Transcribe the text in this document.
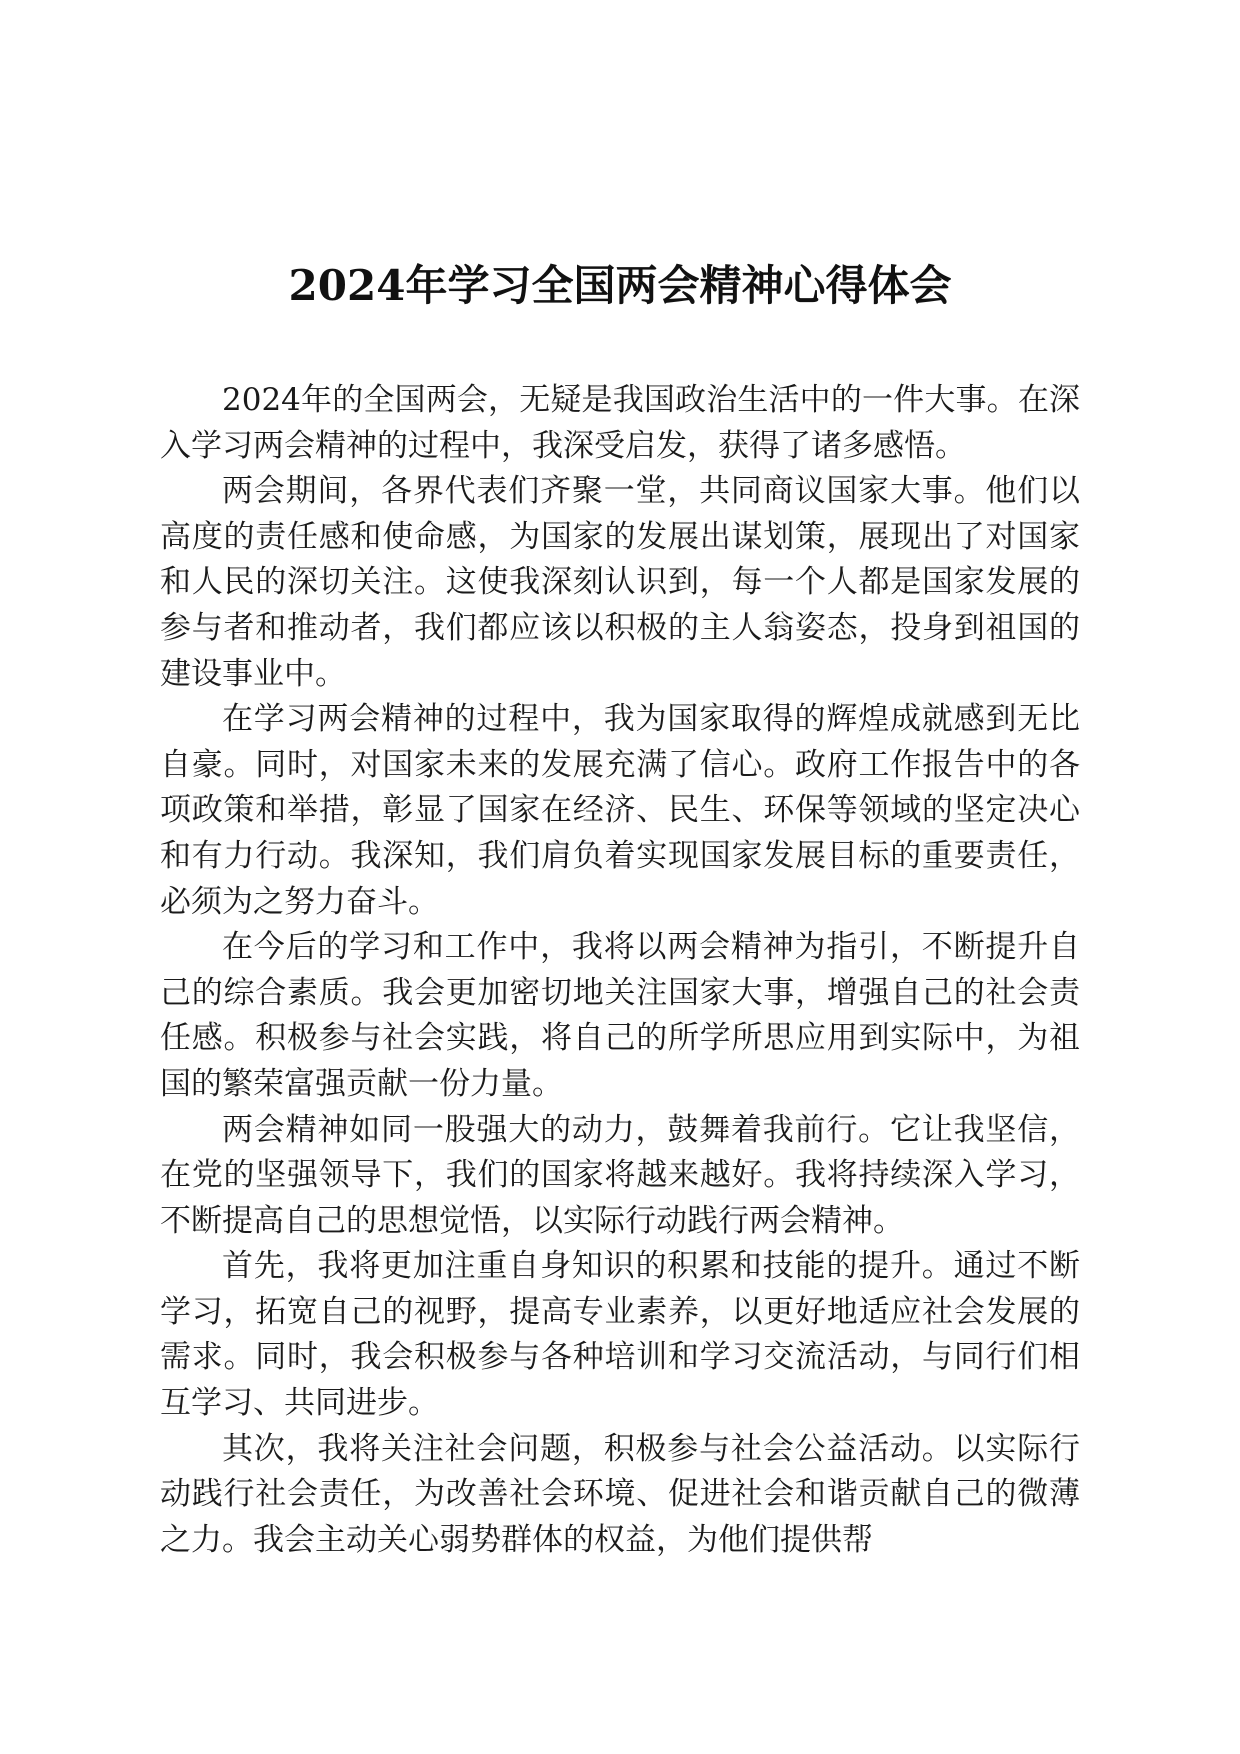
2024年学习全国两会精神心得体会

2024年的全国两会，无疑是我国政治生活中的一件大事。在深入学习两会精神的过程中，我深受启发，获得了诸多感悟。

两会期间，各界代表们齐聚一堂，共同商议国家大事。他们以高度的责任感和使命感，为国家的发展出谋划策，展现出了对国家和人民的深切关注。这使我深刻认识到，每一个人都是国家发展的参与者和推动者，我们都应该以积极的主人翁姿态，投身到祖国的建设事业中。

在学习两会精神的过程中，我为国家取得的辉煌成就感到无比自豪。同时，对国家未来的发展充满了信心。政府工作报告中的各项政策和举措，彰显了国家在经济、民生、环保等领域的坚定决心和有力行动。我深知，我们肩负着实现国家发展目标的重要责任，必须为之努力奋斗。

在今后的学习和工作中，我将以两会精神为指引，不断提升自己的综合素质。我会更加密切地关注国家大事，增强自己的社会责任感。积极参与社会实践，将自己的所学所思应用到实际中，为祖国的繁荣富强贡献一份力量。

两会精神如同一股强大的动力，鼓舞着我前行。它让我坚信，在党的坚强领导下，我们的国家将越来越好。我将持续深入学习，不断提高自己的思想觉悟，以实际行动践行两会精神。

首先，我将更加注重自身知识的积累和技能的提升。通过不断学习，拓宽自己的视野，提高专业素养，以更好地适应社会发展的需求。同时，我会积极参与各种培训和学习交流活动，与同行们相互学习、共同进步。

其次，我将关注社会问题，积极参与社会公益活动。以实际行动践行社会责任，为改善社会环境、促进社会和谐贡献自己的微薄之力。我会主动关心弱势群体的权益，为他们提供帮
